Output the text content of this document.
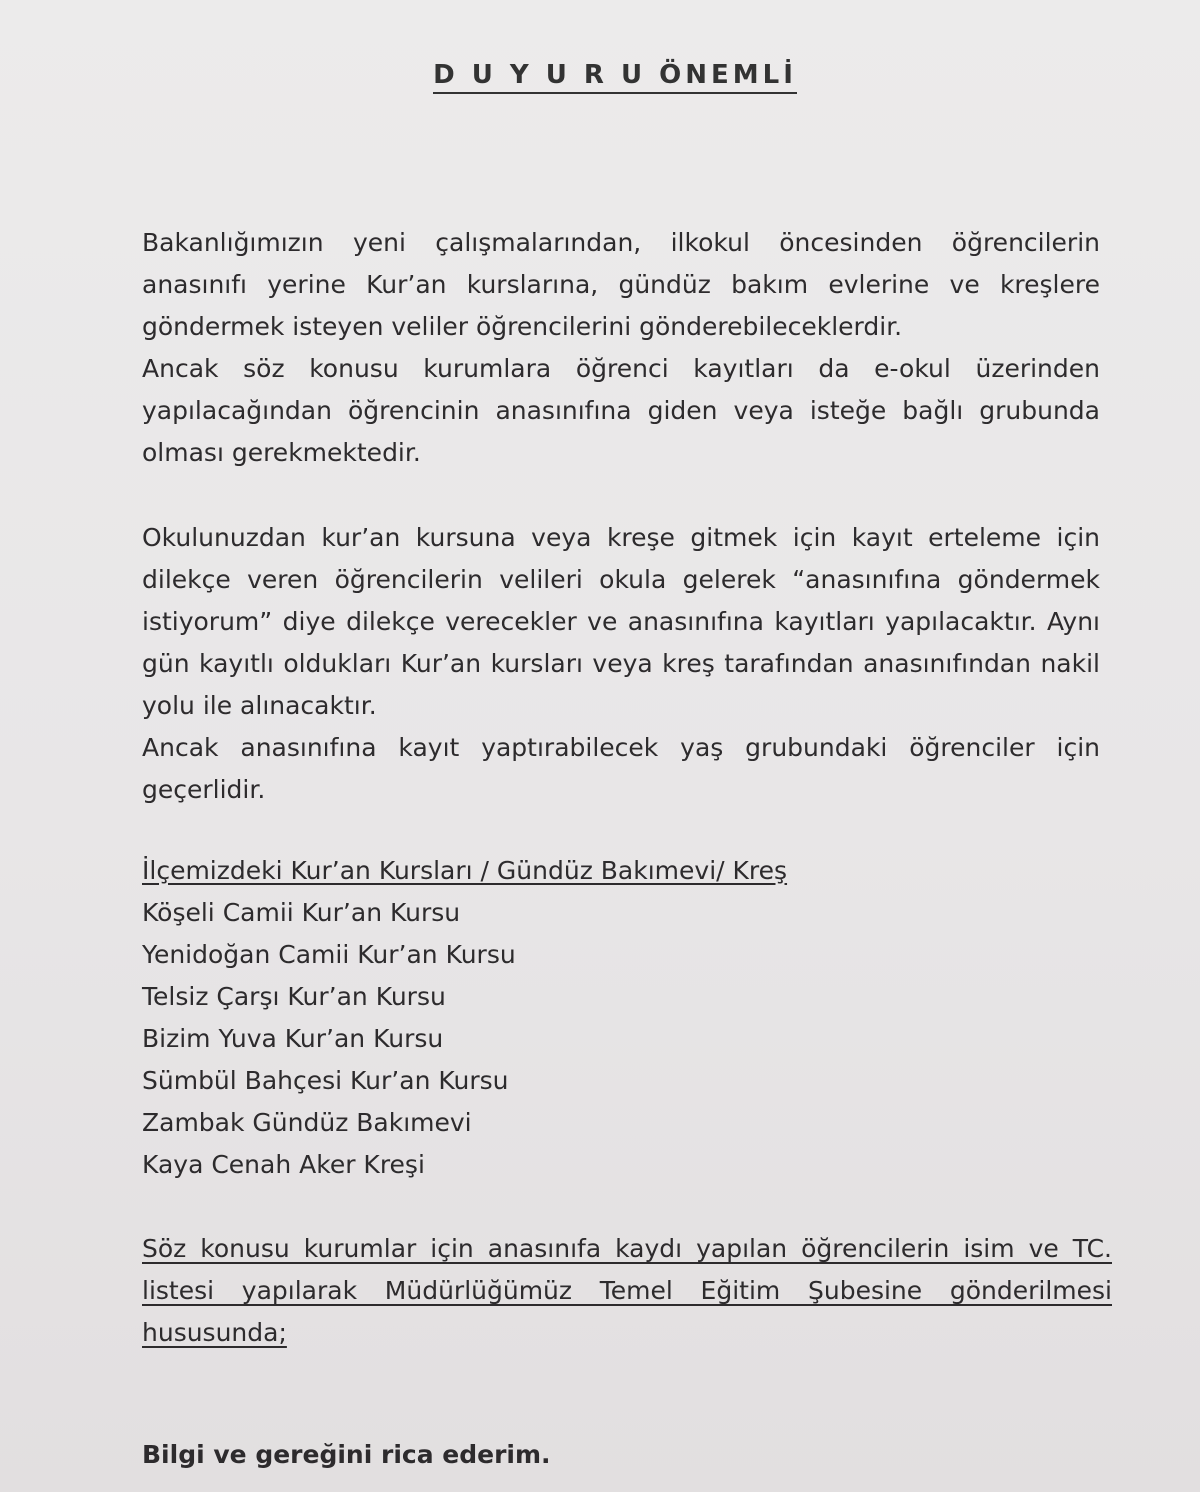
D U Y U R U ÖNEMLİ
Bakanlığımızın yeni çalışmalarından, ilkokul öncesinden öğrencilerin anasınıfı yerine Kur’an kurslarına, gündüz bakım evlerine ve kreşlere göndermek isteyen veliler öğrencilerini gönderebileceklerdir.
Ancak söz konusu kurumlara öğrenci kayıtları da e-okul üzerinden yapılacağından öğrencinin anasınıfına giden veya isteğe bağlı grubunda olması gerekmektedir.
Okulunuzdan kur’an kursuna veya kreşe gitmek için kayıt erteleme için dilekçe veren öğrencilerin velileri okula gelerek “anasınıfına göndermek istiyorum” diye dilekçe verecekler ve anasınıfına kayıtları yapılacaktır. Aynı gün kayıtlı oldukları Kur’an kursları veya kreş tarafından anasınıfından nakil yolu ile alınacaktır.
Ancak anasınıfına kayıt yaptırabilecek yaş grubundaki öğrenciler için geçerlidir.
İlçemizdeki Kur’an Kursları / Gündüz Bakımevi/ Kreş
Köşeli Camii Kur’an Kursu
Yenidoğan Camii Kur’an Kursu
Telsiz Çarşı Kur’an Kursu
Bizim Yuva Kur’an Kursu
Sümbül Bahçesi Kur’an Kursu
Zambak Gündüz Bakımevi
Kaya Cenah Aker Kreşi
Söz konusu kurumlar için anasınıfa kaydı yapılan öğrencilerin isim ve TC. listesi yapılarak Müdürlüğümüz Temel Eğitim Şubesine gönderilmesi hususunda;
Bilgi ve gereğini rica ederim.
